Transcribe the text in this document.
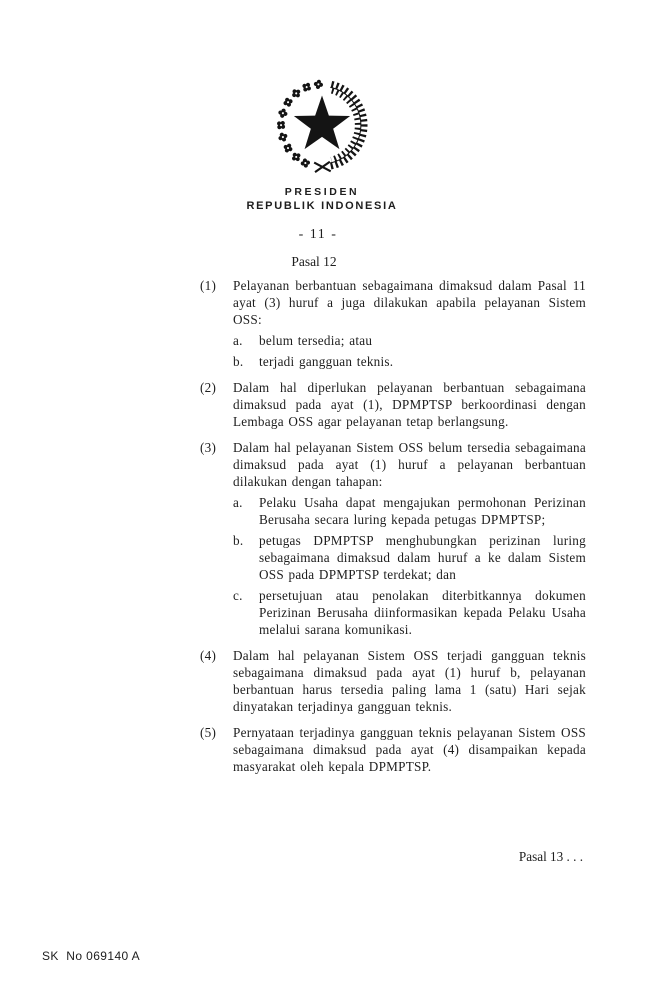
PRESIDEN
REPUBLIK INDONESIA
- 11 -
Pasal 12
(1)	Pelayanan berbantuan sebagaimana dimaksud dalam Pasal 11 ayat (3) huruf a juga dilakukan apabila pelayanan Sistem OSS:
a.	belum tersedia; atau
b.	terjadi gangguan teknis.
(2)	Dalam hal diperlukan pelayanan berbantuan sebagaimana dimaksud pada ayat (1), DPMPTSP berkoordinasi dengan Lembaga OSS agar pelayanan tetap berlangsung.
(3)	Dalam hal pelayanan Sistem OSS belum tersedia sebagaimana dimaksud pada ayat (1) huruf a pelayanan berbantuan dilakukan dengan tahapan:
a.	Pelaku Usaha dapat mengajukan permohonan Perizinan Berusaha secara luring kepada petugas DPMPTSP;
b.	petugas DPMPTSP menghubungkan perizinan luring sebagaimana dimaksud dalam huruf a ke dalam Sistem OSS pada DPMPTSP terdekat; dan
c.	persetujuan atau penolakan diterbitkannya dokumen Perizinan Berusaha diinformasikan kepada Pelaku Usaha melalui sarana komunikasi.
(4)	Dalam hal pelayanan Sistem OSS terjadi gangguan teknis sebagaimana dimaksud pada ayat (1) huruf b, pelayanan berbantuan harus tersedia paling lama 1 (satu) Hari sejak dinyatakan terjadinya gangguan teknis.
(5)	Pernyataan terjadinya gangguan teknis pelayanan Sistem OSS sebagaimana dimaksud pada ayat (4) disampaikan kepada masyarakat oleh kepala DPMPTSP.
Pasal 13 . . .
SK  No 069140 A
